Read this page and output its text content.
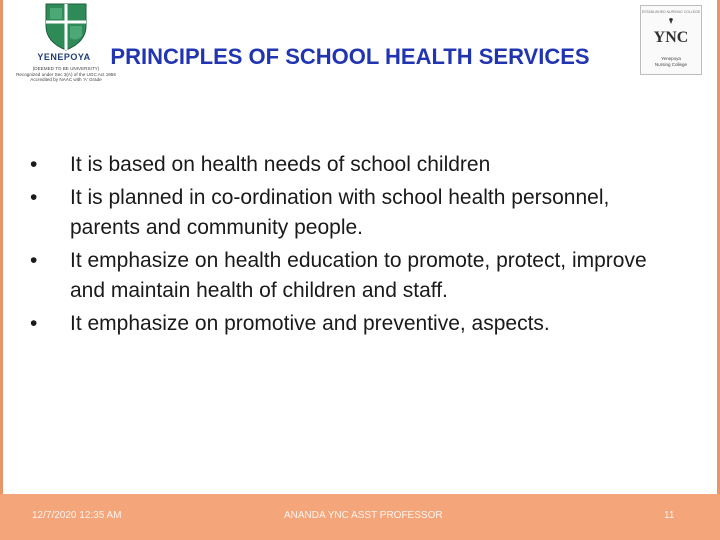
YENEPOYA
(DEEMED TO BE UNIVERSITY)
Recognized under Sec 3(A) of the UGC Act 1956
Accredited by NAAC with 'A' Grade
ESTABLISHED NURSING COLLEGE
YNC
Yenepoya
Nursing College
PRINCIPLES OF SCHOOL HEALTH SERVICES
•	It is based on health needs of school children
•	It is planned in co-ordination with school health personnel, parents and community people.
•	It emphasize on health education to promote, protect, improve and maintain health of children and staff.
•	It emphasize on promotive and preventive, aspects.
12/7/2020 12:35 AM	ANANDA YNC ASST PROFESSOR	11
